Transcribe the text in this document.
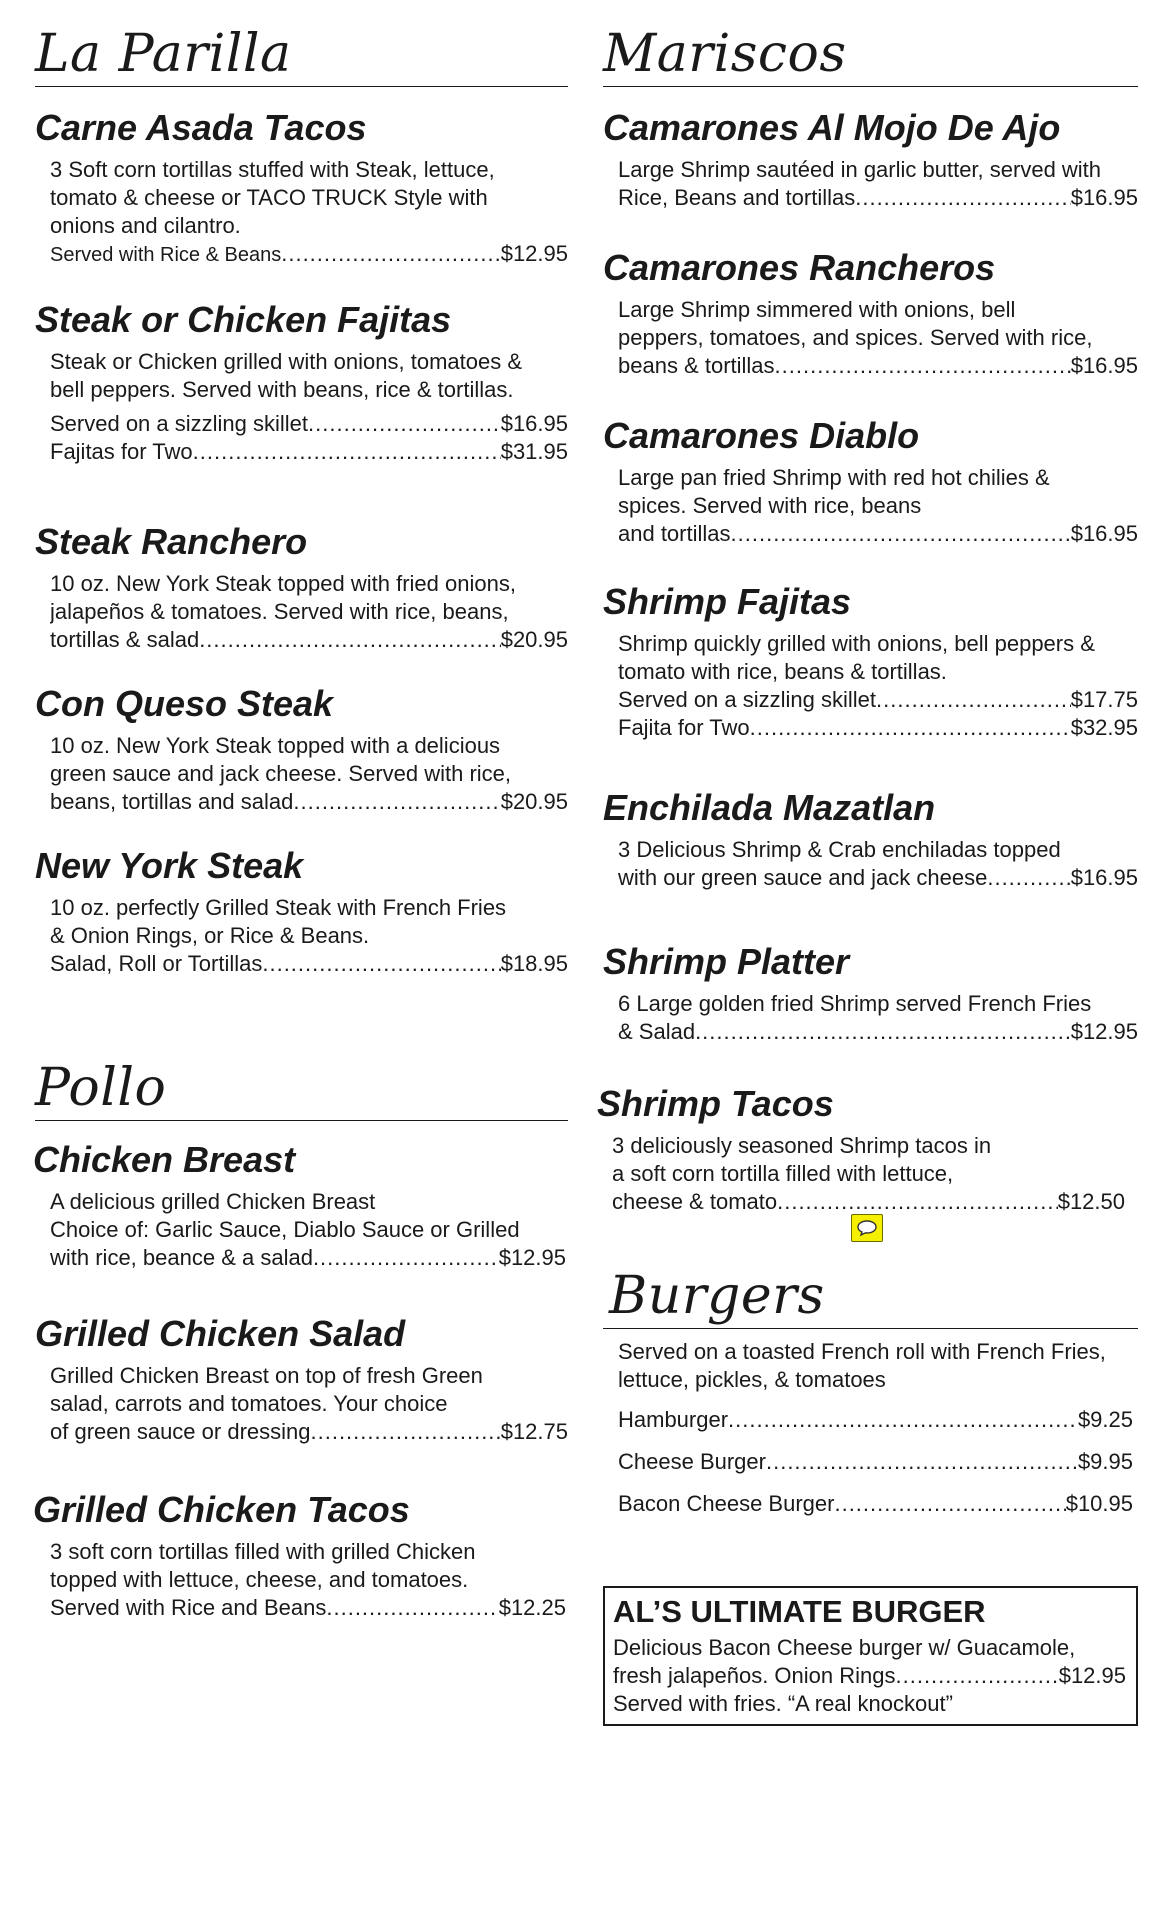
La Parilla
Carne Asada Tacos
3 Soft corn tortillas stuffed with Steak, lettuce,
tomato & cheese or TACO TRUCK Style with
onions and cilantro.
Served with Rice & Beans .....	$12.95
Steak or Chicken Fajitas
Steak or Chicken grilled with onions, tomatoes &
bell peppers. Served with beans, rice & tortillas.
Served on a sizzling skillet .....	$16.95
Fajitas for Two .....	$31.95
Steak Ranchero
10 oz. New York Steak topped with fried onions,
jalapeños & tomatoes. Served with rice, beans,
tortillas & salad .....	$20.95
Con Queso Steak
10 oz. New York Steak topped with a delicious
green sauce and jack cheese. Served with rice,
beans, tortillas and salad .....	$20.95
New York Steak
10 oz. perfectly Grilled Steak with French Fries
& Onion Rings, or Rice & Beans.
Salad, Roll or Tortillas .....	$18.95
Pollo
Chicken Breast
A delicious grilled Chicken Breast
Choice of: Garlic Sauce, Diablo Sauce or Grilled
with rice, beance & a salad .....	$12.95
Grilled Chicken Salad
Grilled Chicken Breast on top of fresh Green
salad, carrots and tomatoes. Your choice
of green sauce or dressing .....	$12.75
Grilled Chicken Tacos
3 soft corn tortillas filled with grilled Chicken
topped with lettuce, cheese, and tomatoes.
Served with Rice and Beans .....	$12.25
Mariscos
Camarones Al Mojo De Ajo
Large Shrimp sautéed in garlic butter, served with
Rice, Beans and tortillas .....	$16.95
Camarones Rancheros
Large Shrimp simmered with onions, bell
peppers, tomatoes, and spices. Served with rice,
beans & tortillas .....	$16.95
Camarones Diablo
Large pan fried Shrimp with red hot chilies &
spices. Served with rice, beans
and tortillas .....	$16.95
Shrimp Fajitas
Shrimp quickly grilled with onions, bell peppers &
tomato with rice, beans & tortillas.
Served on a sizzling skillet .....	$17.75
Fajita for Two .....	$32.95
Enchilada Mazatlan
3 Delicious Shrimp & Crab enchiladas topped
with our green sauce and jack cheese .....	$16.95
Shrimp Platter
6 Large golden fried Shrimp served French Fries
& Salad .....	$12.95
Shrimp Tacos
3 deliciously seasoned Shrimp tacos in
a soft corn tortilla filled with lettuce,
cheese & tomato .....	$12.50
Burgers
Served on a toasted French roll with French Fries,
lettuce, pickles, & tomatoes
Hamburger .....	$9.25
Cheese Burger .....	$9.95
Bacon Cheese Burger .....	$10.95
AL’S ULTIMATE BURGER
Delicious Bacon Cheese burger w/ Guacamole,
fresh jalapeños. Onion Rings .....	$12.95
Served with fries. “A real knockout”
